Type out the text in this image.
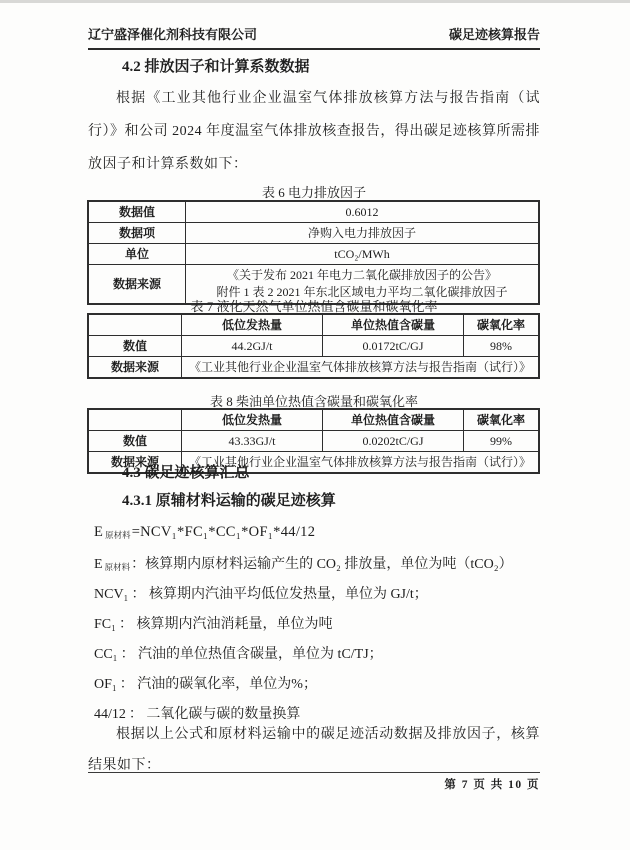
辽宁盛泽催化剂科技有限公司	碳足迹核算报告
4.2 排放因子和计算系数数据

根据《工业其他行业企业温室气体排放核算方法与报告指南（试行）》和公司 2024 年度温室气体排放核查报告，得出碳足迹核算所需排放因子和计算系数如下：

表 6 电力排放因子
数据值	0.6012
数据项	净购入电力排放因子
单位	tCO₂/MWh
数据来源	《关于发布 2021 年电力二氧化碳排放因子的公告》
附件 1 表 2 2021 年东北区域电力平均二氧化碳排放因子
表 7 液化天然气单位热值含碳量和碳氧化率
	低位发热量	单位热值含碳量	碳氧化率
数值	44.2GJ/t	0.0172tC/GJ	98%
数据来源	《工业其他行业企业温室气体排放核算方法与报告指南（试行）》		
表 8 柴油单位热值含碳量和碳氧化率
	低位发热量	单位热值含碳量	碳氧化率
数值	43.33GJ/t	0.0202tC/GJ	99%
数据来源	《工业其他行业企业温室气体排放核算方法与报告指南（试行）》		
4.3 碳足迹核算汇总
4.3.1 原辅材料运输的碳足迹核算
E $_{原材料}$=NCV₁*FC₁*CC₁*OF₁*44/12
E $_{原材料}$：核算期内原材料运输产生的 CO₂ 排放量，单位为吨（tCO₂）
NCV₁ ： 核算期内汽油平均低位发热量，单位为 GJ/t；
FC₁ ： 核算期内汽油消耗量，单位为吨
CC₁ ： 汽油的单位热值含碳量，单位为 tC/TJ；
OF₁ ： 汽油的碳氧化率，单位为%；
44/12 ： 二氧化碳与碳的数量换算

根据以上公式和原材料运输中的碳足迹活动数据及排放因子，核算结果如下：

第 7 页 共 10 页
